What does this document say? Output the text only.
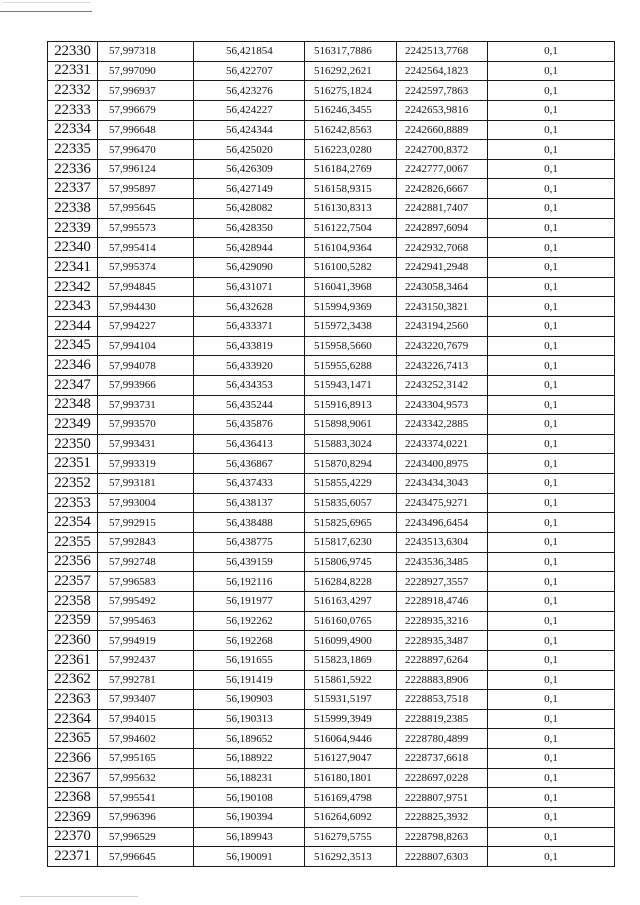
22330	57,997318	56,421854	516317,7886	2242513,7768	0,1
22331	57,997090	56,422707	516292,2621	2242564,1823	0,1
22332	57,996937	56,423276	516275,1824	2242597,7863	0,1
22333	57,996679	56,424227	516246,3455	2242653,9816	0,1
22334	57,996648	56,424344	516242,8563	2242660,8889	0,1
22335	57,996470	56,425020	516223,0280	2242700,8372	0,1
22336	57,996124	56,426309	516184,2769	2242777,0067	0,1
22337	57,995897	56,427149	516158,9315	2242826,6667	0,1
22338	57,995645	56,428082	516130,8313	2242881,7407	0,1
22339	57,995573	56,428350	516122,7504	2242897,6094	0,1
22340	57,995414	56,428944	516104,9364	2242932,7068	0,1
22341	57,995374	56,429090	516100,5282	2242941,2948	0,1
22342	57,994845	56,431071	516041,3968	2243058,3464	0,1
22343	57,994430	56,432628	515994,9369	2243150,3821	0,1
22344	57,994227	56,433371	515972,3438	2243194,2560	0,1
22345	57,994104	56,433819	515958,5660	2243220,7679	0,1
22346	57,994078	56,433920	515955,6288	2243226,7413	0,1
22347	57,993966	56,434353	515943,1471	2243252,3142	0,1
22348	57,993731	56,435244	515916,8913	2243304,9573	0,1
22349	57,993570	56,435876	515898,9061	2243342,2885	0,1
22350	57,993431	56,436413	515883,3024	2243374,0221	0,1
22351	57,993319	56,436867	515870,8294	2243400,8975	0,1
22352	57,993181	56,437433	515855,4229	2243434,3043	0,1
22353	57,993004	56,438137	515835,6057	2243475,9271	0,1
22354	57,992915	56,438488	515825,6965	2243496,6454	0,1
22355	57,992843	56,438775	515817,6230	2243513,6304	0,1
22356	57,992748	56,439159	515806,9745	2243536,3485	0,1
22357	57,996583	56,192116	516284,8228	2228927,3557	0,1
22358	57,995492	56,191977	516163,4297	2228918,4746	0,1
22359	57,995463	56,192262	516160,0765	2228935,3216	0,1
22360	57,994919	56,192268	516099,4900	2228935,3487	0,1
22361	57,992437	56,191655	515823,1869	2228897,6264	0,1
22362	57,992781	56,191419	515861,5922	2228883,8906	0,1
22363	57,993407	56,190903	515931,5197	2228853,7518	0,1
22364	57,994015	56,190313	515999,3949	2228819,2385	0,1
22365	57,994602	56,189652	516064,9446	2228780,4899	0,1
22366	57,995165	56,188922	516127,9047	2228737,6618	0,1
22367	57,995632	56,188231	516180,1801	2228697,0228	0,1
22368	57,995541	56,190108	516169,4798	2228807,9751	0,1
22369	57,996396	56,190394	516264,6092	2228825,3932	0,1
22370	57,996529	56,189943	516279,5755	2228798,8263	0,1
22371	57,996645	56,190091	516292,3513	2228807,6303	0,1
